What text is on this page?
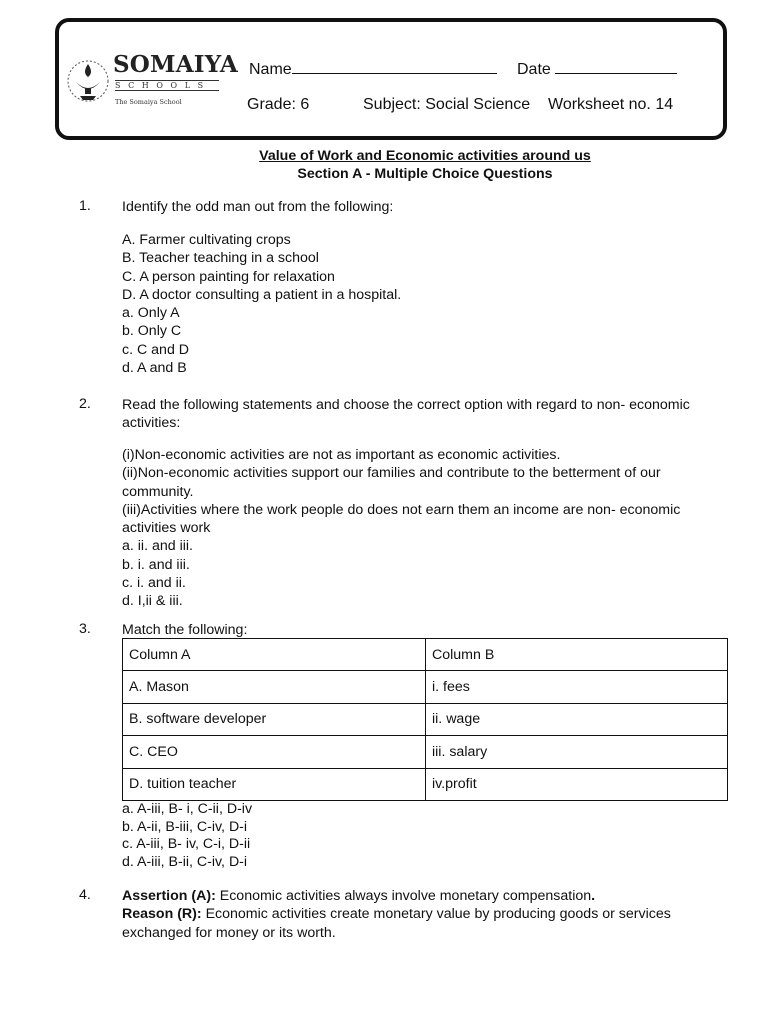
SOMAIYA
SCHOOLS
The Somaiya School
Name	Date
Grade: 6	Subject: Social Science Worksheet no. 14
Value of Work and Economic activities around us
Section A - Multiple Choice Questions
1. Identify the odd man out from the following:
A. Farmer cultivating crops
B. Teacher teaching in a school
C. A person painting for relaxation
D. A doctor consulting a patient in a hospital.
a. Only A
b. Only C
c. C and D
d. A and B
2. Read the following statements and choose the correct option with regard to non- economic activities:
(i)Non-economic activities are not as important as economic activities.
(ii)Non-economic activities support our families and contribute to the betterment of our community.
(iii)Activities where the work people do does not earn them an income are non- economic activities work
a. ii. and iii.
b. i. and iii.
c. i. and ii.
d. I,ii & iii.
3. Match the following:
Column A	Column B
A. Mason	i. fees
B. software developer	ii. wage
C. CEO	iii. salary
D. tuition teacher	iv.profit
a. A-iii, B- i, C-ii, D-iv
b. A-ii, B-iii, C-iv, D-i
c. A-iii, B- iv, C-i, D-ii
d. A-iii, B-ii, C-iv, D-i
4. Assertion (A): Economic activities always involve monetary compensation.
Reason (R): Economic activities create monetary value by producing goods or services exchanged for money or its worth.
